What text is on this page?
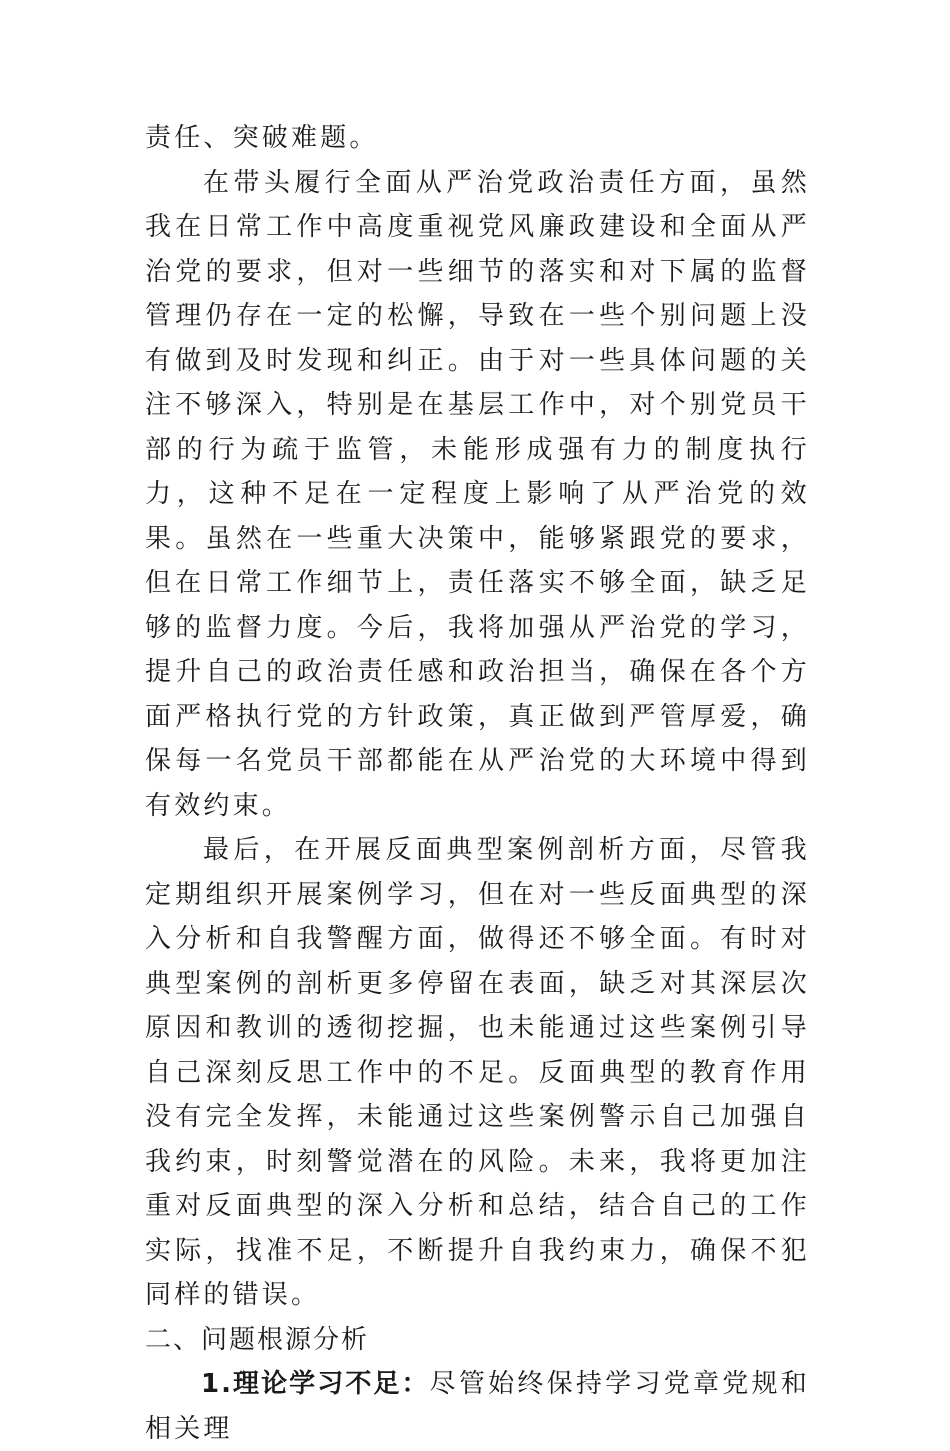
责任、突破难题。

在带头履行全面从严治党政治责任方面，虽然我在日常工作中高度重视党风廉政建设和全面从严治党的要求，但对一些细节的落实和对下属的监督管理仍存在一定的松懈，导致在一些个别问题上没有做到及时发现和纠正。由于对一些具体问题的关注不够深入，特别是在基层工作中，对个别党员干部的行为疏于监管，未能形成强有力的制度执行力，这种不足在一定程度上影响了从严治党的效果。虽然在一些重大决策中，能够紧跟党的要求，但在日常工作细节上，责任落实不够全面，缺乏足够的监督力度。今后，我将加强从严治党的学习，提升自己的政治责任感和政治担当，确保在各个方面严格执行党的方针政策，真正做到严管厚爱，确保每一名党员干部都能在从严治党的大环境中得到有效约束。

最后，在开展反面典型案例剖析方面，尽管我定期组织开展案例学习，但在对一些反面典型的深入分析和自我警醒方面，做得还不够全面。有时对典型案例的剖析更多停留在表面，缺乏对其深层次原因和教训的透彻挖掘，也未能通过这些案例引导自己深刻反思工作中的不足。反面典型的教育作用没有完全发挥，未能通过这些案例警示自己加强自我约束，时刻警觉潜在的风险。未来，我将更加注重对反面典型的深入分析和总结，结合自己的工作实际，找准不足，不断提升自我约束力，确保不犯同样的错误。

二、问题根源分析

1.理论学习不足：尽管始终保持学习党章党规和相关理
